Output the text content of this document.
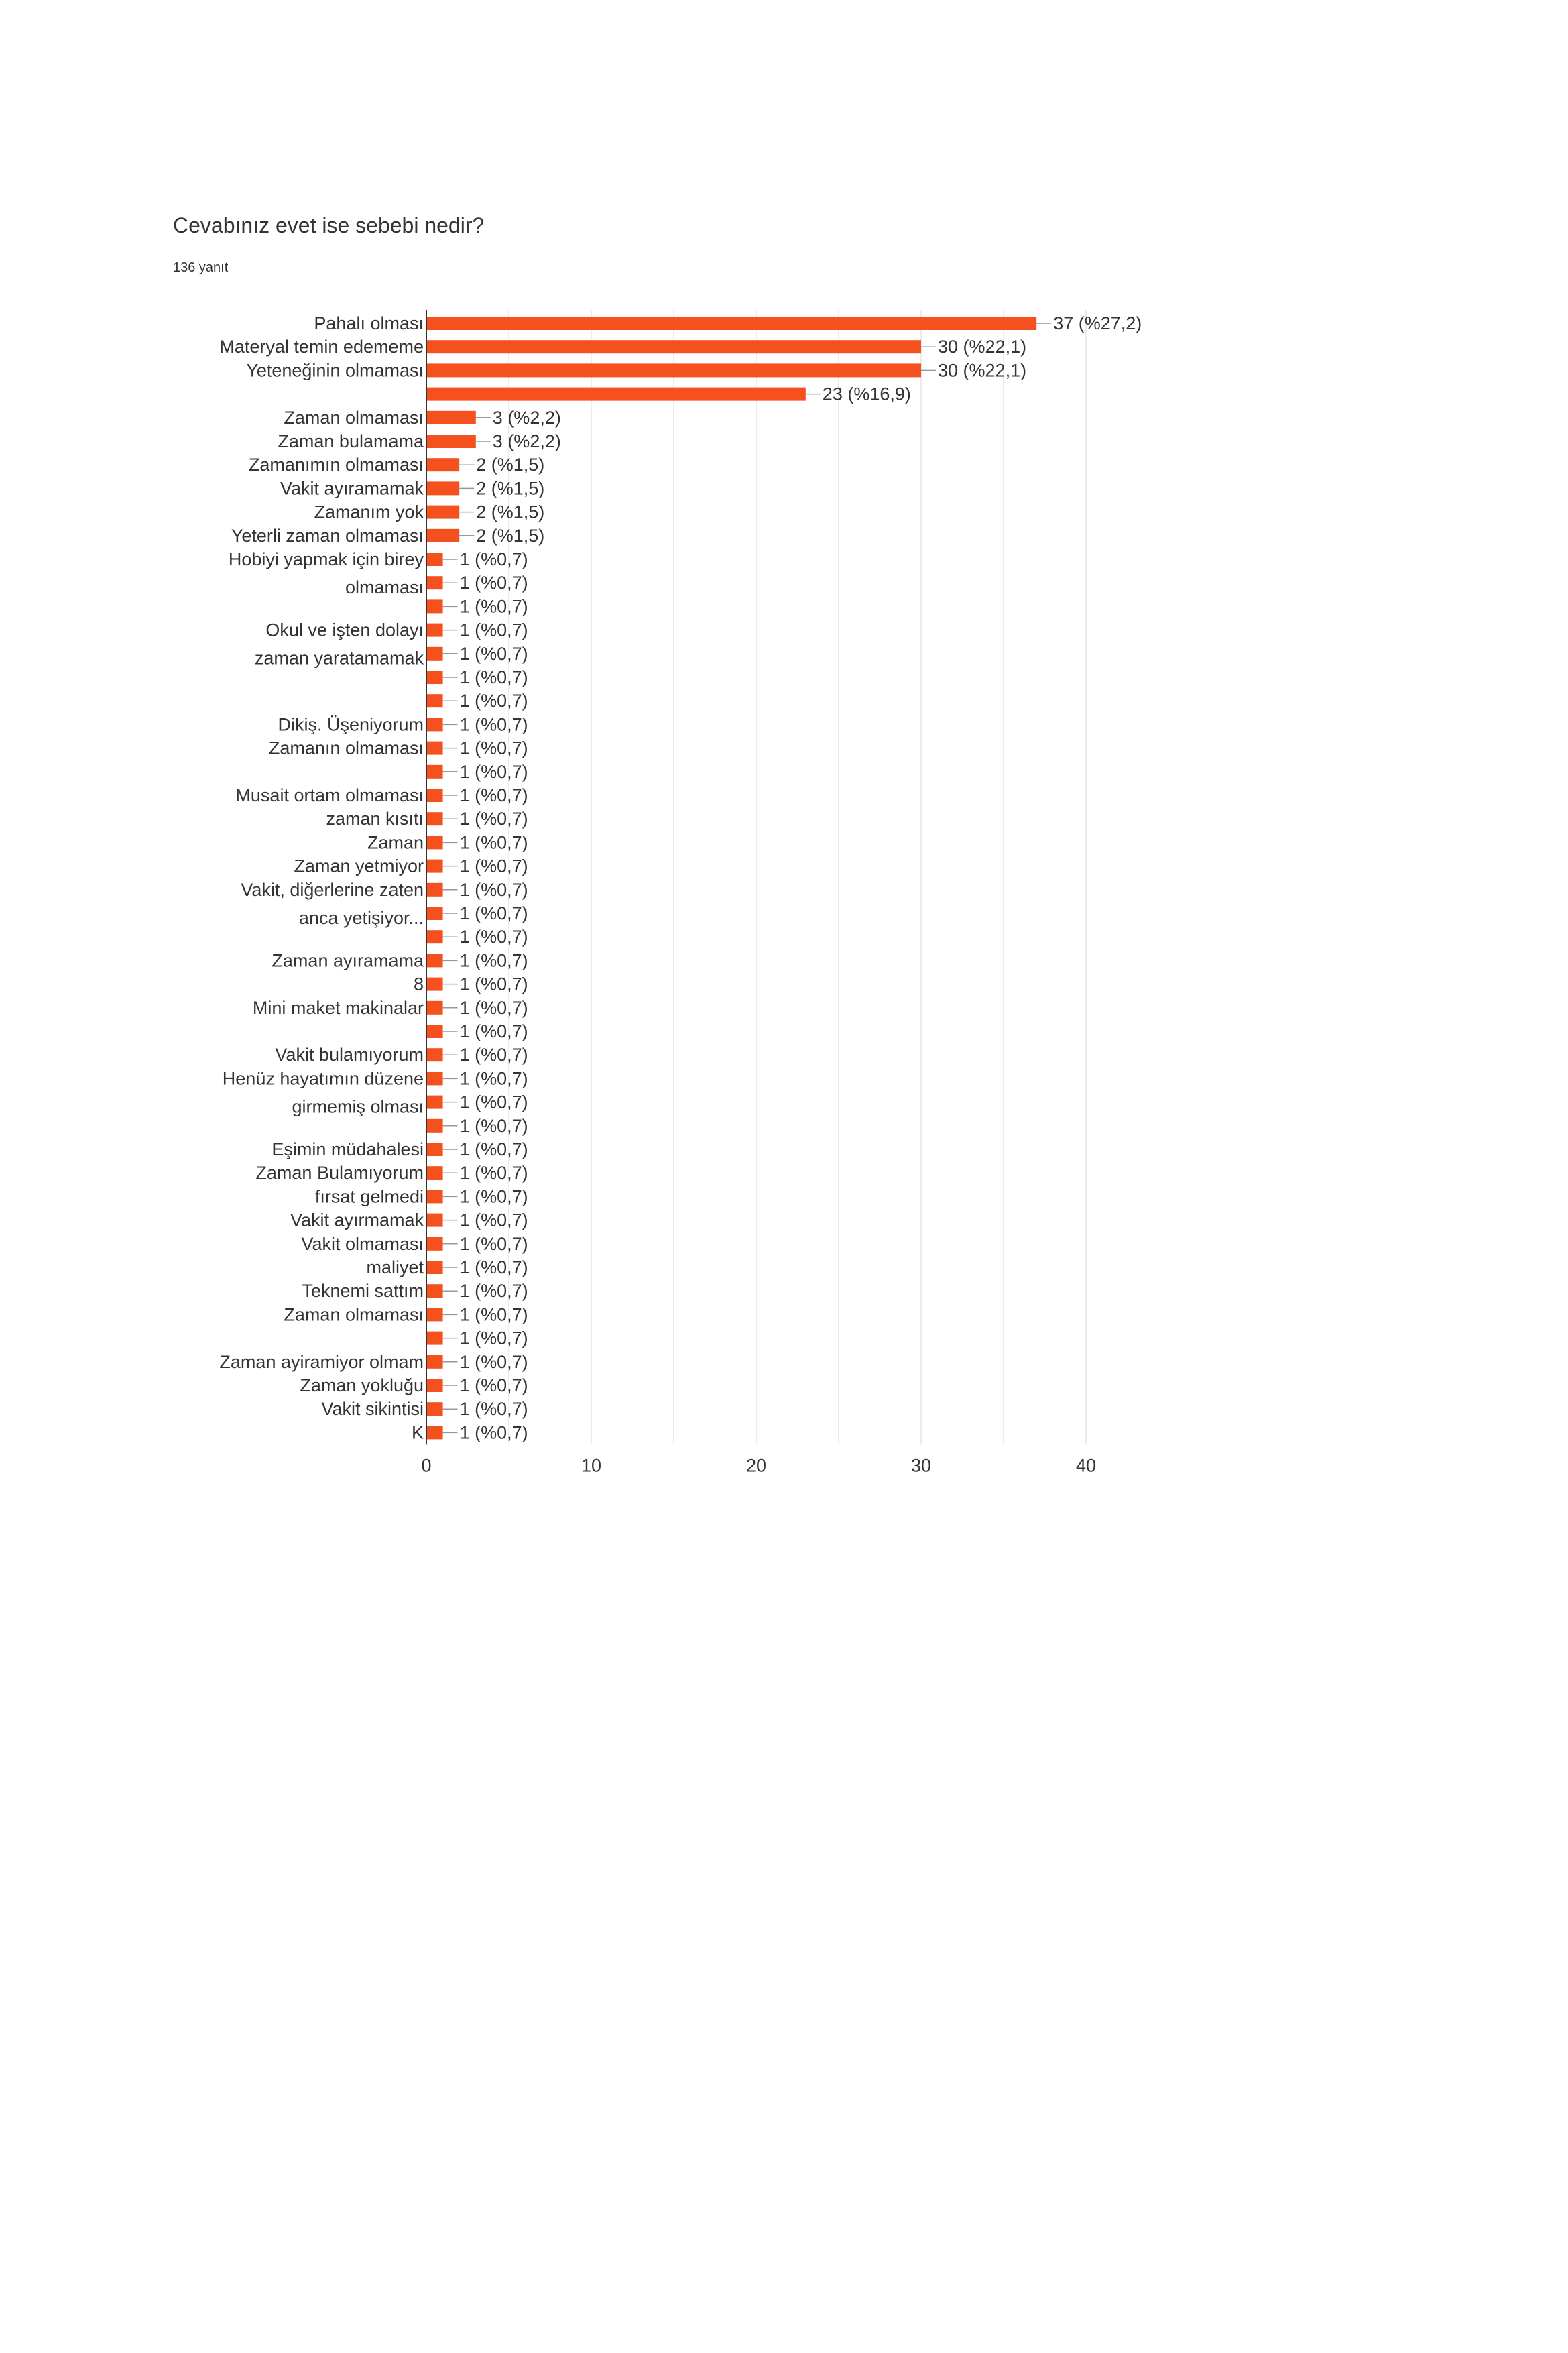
Cevabınız evet ise sebebi nedir?
136 yanıt
Pahalı olması
Materyal temin edememe
Yeteneğinin olmaması
Zaman olmaması
Zaman bulamama
Zamanımın olmaması
Vakit ayıramamak
Zamanım yok
Yeterli zaman olmaması
Hobiyi yapmak için birey
olmaması
Okul ve işten dolayı
zaman yaratamamak
Dikiş. Üşeniyorum
Zamanın olmaması
Musait ortam olmaması
zaman kısıtı
Zaman
Zaman yetmiyor
Vakit, diğerlerine zaten
anca yetişiyor...
Zaman ayıramama
8
Mini maket makinalar
Vakit bulamıyorum
Henüz hayatımın düzene
girmemiş olması
Eşimin müdahalesi
Zaman Bulamıyorum
fırsat gelmedi
Vakit ayırmamak
Vakit olmaması
maliyet
Teknemi sattım
Zaman olmaması
Zaman ayiramiyor olmam
Zaman yokluğu
Vakit sikintisi
K
37 (%27,2)
30 (%22,1)
30 (%22,1)
23 (%16,9)
3 (%2,2)
3 (%2,2)
2 (%1,5)
2 (%1,5)
2 (%1,5)
2 (%1,5)
1 (%0,7)
1 (%0,7)
1 (%0,7)
1 (%0,7)
1 (%0,7)
1 (%0,7)
1 (%0,7)
1 (%0,7)
1 (%0,7)
1 (%0,7)
1 (%0,7)
1 (%0,7)
1 (%0,7)
1 (%0,7)
1 (%0,7)
1 (%0,7)
1 (%0,7)
1 (%0,7)
1 (%0,7)
1 (%0,7)
1 (%0,7)
1 (%0,7)
1 (%0,7)
1 (%0,7)
1 (%0,7)
1 (%0,7)
1 (%0,7)
1 (%0,7)
1 (%0,7)
1 (%0,7)
1 (%0,7)
1 (%0,7)
1 (%0,7)
1 (%0,7)
1 (%0,7)
1 (%0,7)
1 (%0,7)
1 (%0,7)
0	10	20	30	40
